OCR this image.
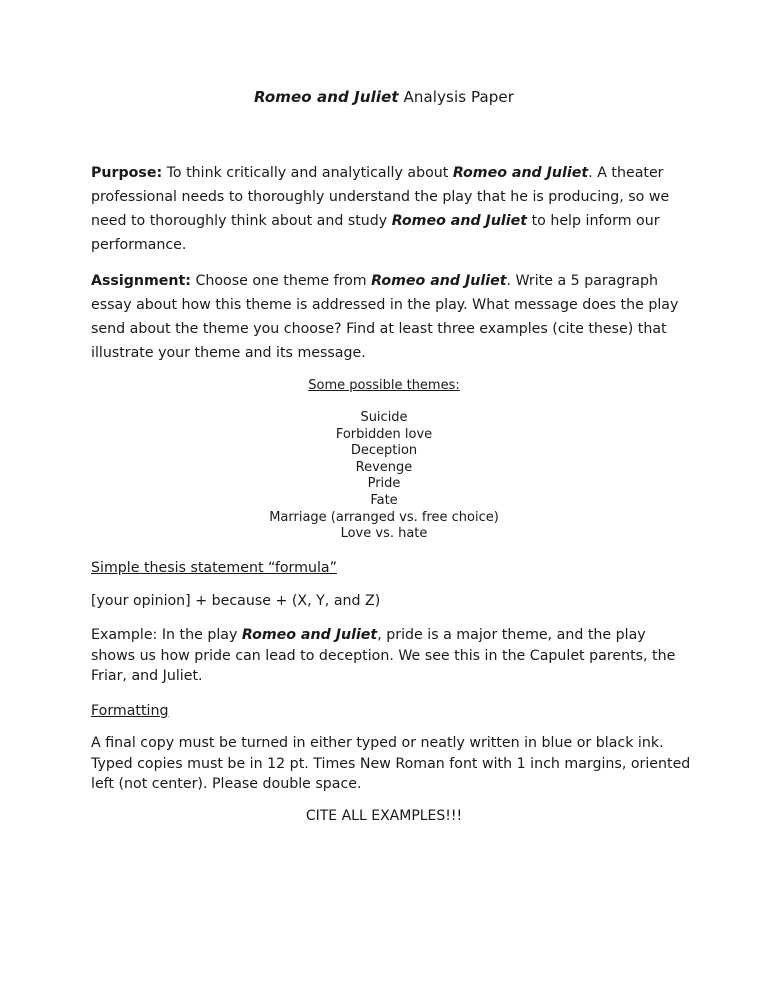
Romeo and Juliet Analysis Paper

Purpose: To think critically and analytically about Romeo and Juliet. A theater professional needs to thoroughly understand the play that he is producing, so we need to thoroughly think about and study Romeo and Juliet to help inform our performance.

Assignment: Choose one theme from Romeo and Juliet. Write a 5 paragraph essay about how this theme is addressed in the play. What message does the play send about the theme you choose? Find at least three examples (cite these) that illustrate your theme and its message.

Some possible themes:
Suicide
Forbidden love
Deception
Revenge
Pride
Fate
Marriage (arranged vs. free choice)
Love vs. hate

Simple thesis statement “formula”

[your opinion] + because + (X, Y, and Z)

Example: In the play Romeo and Juliet, pride is a major theme, and the play shows us how pride can lead to deception. We see this in the Capulet parents, the Friar, and Juliet.

Formatting

A final copy must be turned in either typed or neatly written in blue or black ink. Typed copies must be in 12 pt. Times New Roman font with 1 inch margins, oriented left (not center). Please double space.

CITE ALL EXAMPLES!!!
